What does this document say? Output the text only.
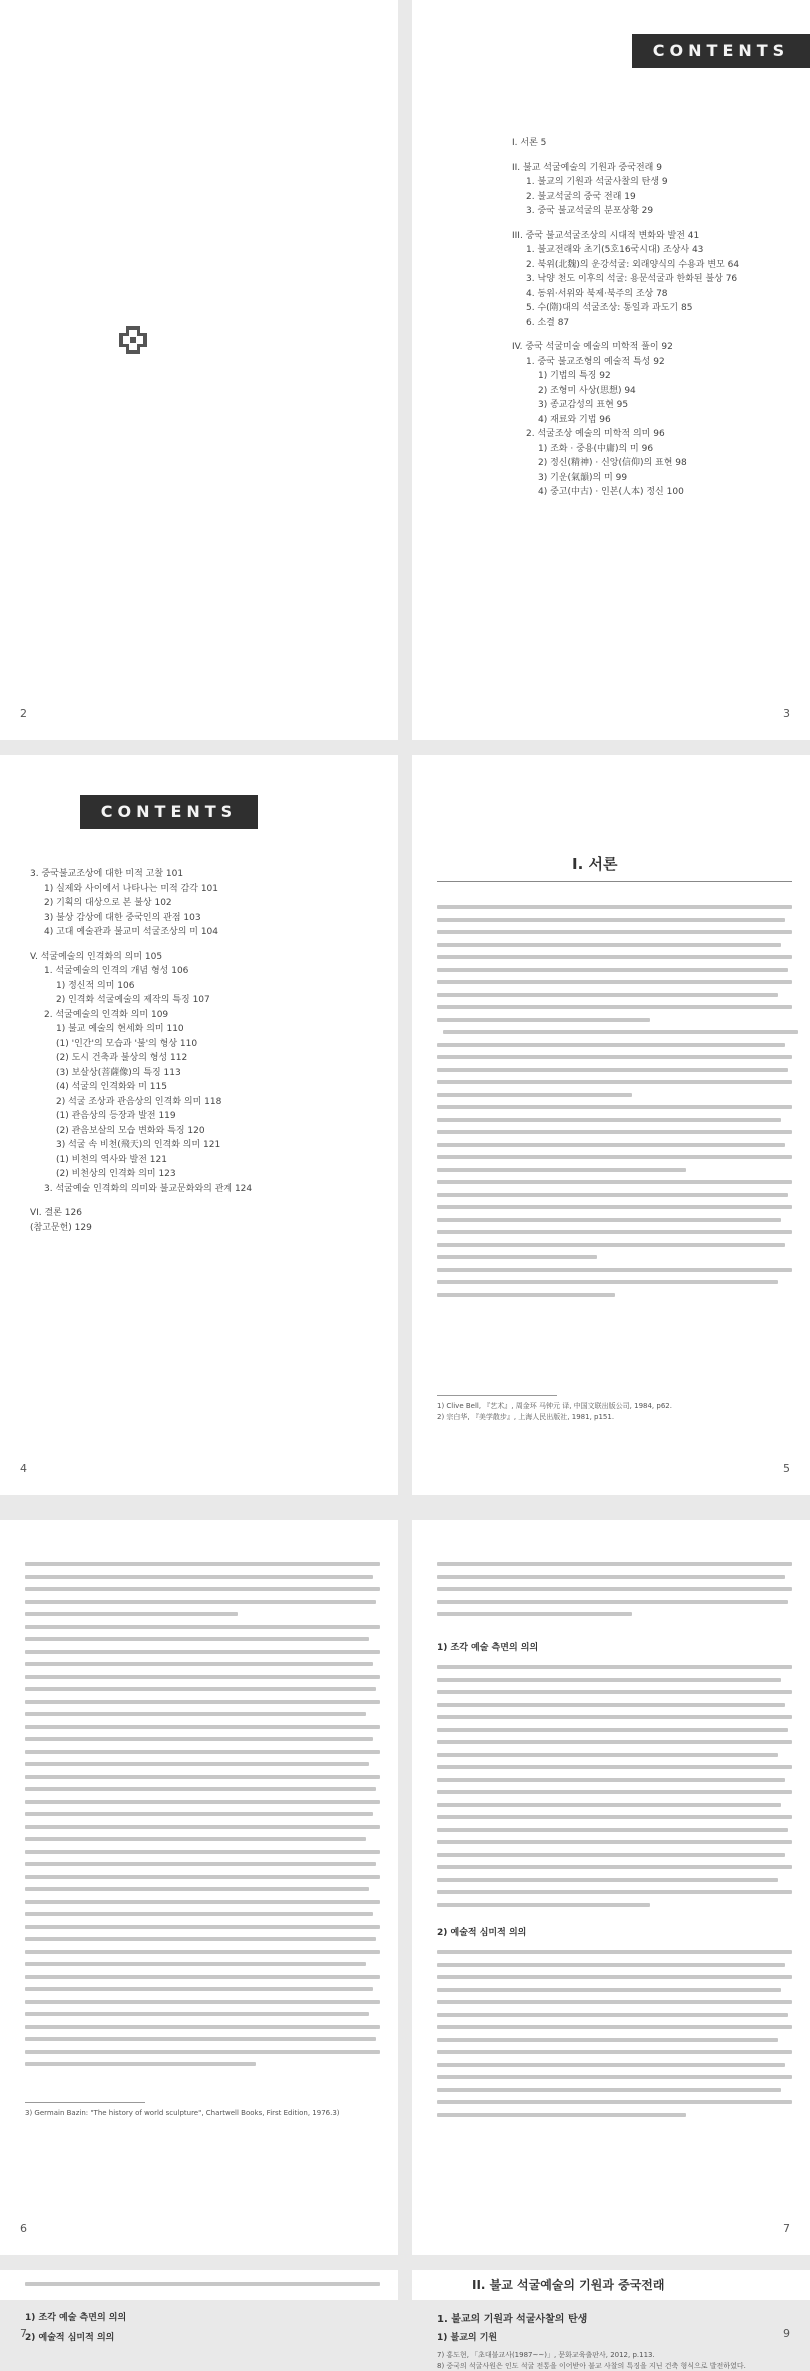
2
CONTENTS
I. 서론 5
II. 불교 석굴예술의 기원과 중국전래 9
1. 불교의 기원과 석굴사찰의 탄생 9
2. 불교석굴의 중국 전래 19
3. 중국 불교석굴의 분포상황 29
III. 중국 불교석굴조상의 시대적 변화와 발전 41
1. 불교전래와 초기(5호16국시대) 조상사 43
2. 북위(北魏)의 운강석굴: 외래양식의 수용과 변모 64
3. 낙양 천도 이후의 석굴: 용문석굴과 한화된 불상 76
4. 동위·서위와 북제·북주의 조상 78
5. 수(隋)대의 석굴조상: 통일과 과도기 85
6. 소결 87
IV. 중국 석굴미술 예술의 미학적 풀이 92
1. 중국 불교조형의 예술적 특성 92
1) 기법의 특징 92
2) 조형미 사상(思想) 94
3) 종교감성의 표현 95
4) 재료와 기법 96
2. 석굴조상 예술의 미학적 의미 96
1) 조화 · 중용(中庸)의 미 96
2) 정신(精神) · 신앙(信仰)의 표현 98
3) 기운(氣韻)의 미 99
4) 중고(中古) · 인본(人本) 정신 100
3
CONTENTS
3. 중국불교조상에 대한 미적 고찰 101
1) 실제와 사이에서 나타나는 미적 감각 101
2) 기획의 대상으로 본 불상 102
3) 불상 감상에 대한 중국인의 관점 103
4) 고대 예술관과 불교미 석굴조상의 미 104
V. 석굴예술의 인격화의 의미 105
1. 석굴예술의 인격의 개념 형성 106
1) 정신적 의미 106
2) 인격화 석굴예술의 제작의 특징 107
2. 석굴예술의 인격화 의미 109
1) 불교 예술의 현세화 의미 110
(1) '인간'의 모습과 '불'의 형상 110
(2) 도시 건축과 불상의 형성 112
(3) 보살상(菩薩像)의 특징 113
(4) 석굴의 인격화와 미 115
2) 석굴 조상과 관음상의 인격화 의미 118
(1) 관음상의 등장과 발전 119
(2) 관음보살의 모습 변화와 특징 120
3) 석굴 속 비천(飛天)의 인격화 의미 121
(1) 비천의 역사와 발전 121
(2) 비천상의 인격화 의미 123
3. 석굴예술 인격화의 의미와 불교문화와의 관계 124
VI. 결론 126
(참고문헌) 129
4
I. 서론
1) Clive Bell, 『艺术』, 周金环 马钟元 译, 中国文联出版公司, 1984, p62.
2) 宗白华, 『美学散步』, 上海人民出版社, 1981, p151.
5
3) Germain Bazin: "The history of world sculpture", Chartwell Books, First Edition, 1976.3)
6
1) 조각 예술 측면의 의의
2) 예술적 심미적 의의
7
1) 조각 예술 측면의 의의
2) 예술적 심미적 의의
7
II. 불교 석굴예술의 기원과 중국전래
1. 불교의 기원과 석굴사찰의 탄생
1) 불교의 기원
7) 홍도현, 「초대불교사(1987~~)」, 문화교육출판사, 2012, p.113.
8) 중국의 석굴사원은 인도 석굴 전통을 이어받아 불교 사찰의 특징을 지닌 건축 형식으로 발전하였다.
9
